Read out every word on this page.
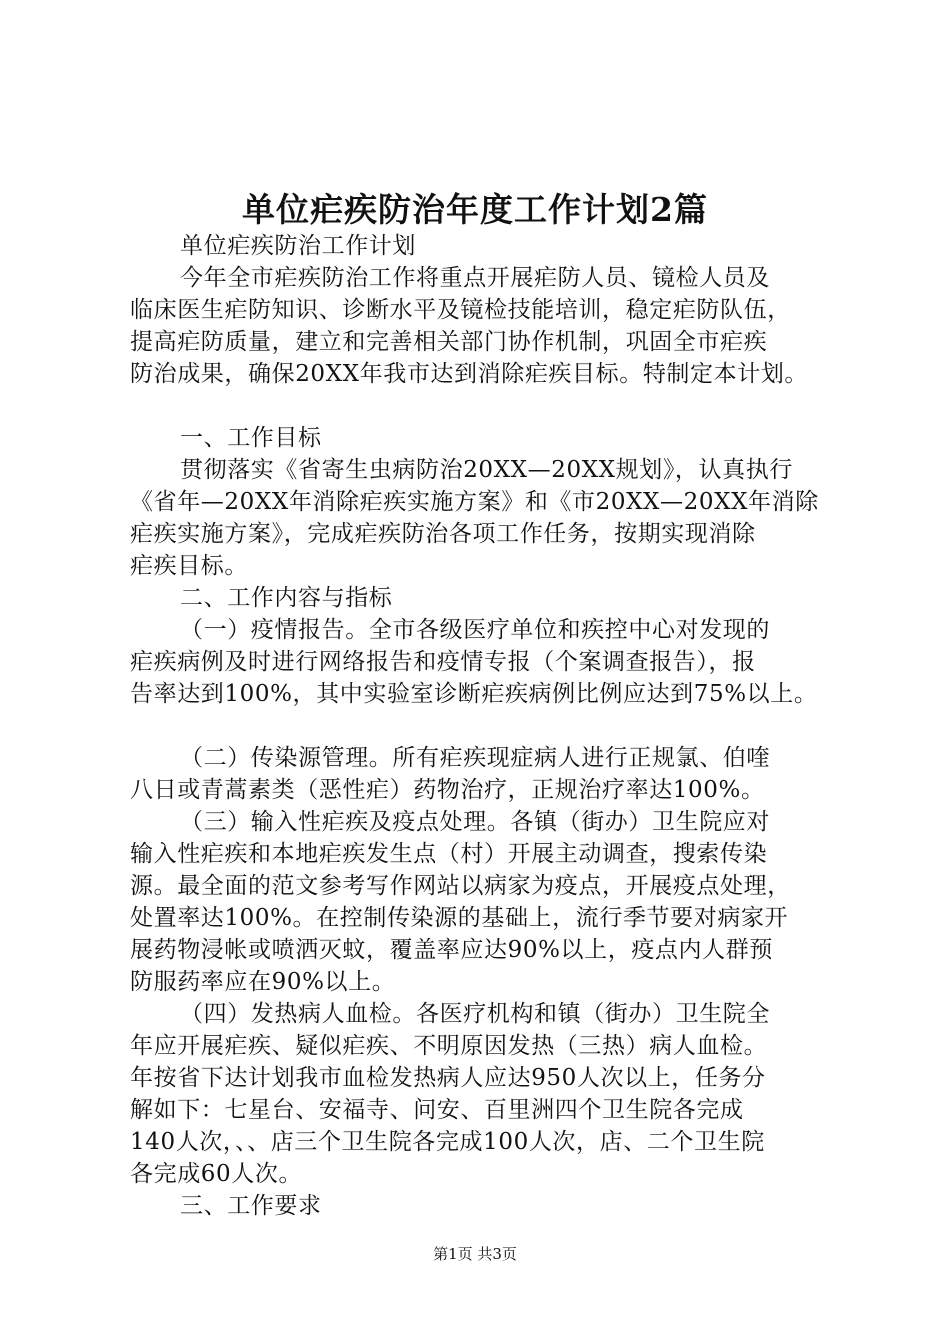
单位疟疾防治年度工作计划2篇
单位疟疾防治工作计划
今年全市疟疾防治工作将重点开展疟防人员、镜检人员及
临床医生疟防知识、诊断水平及镜检技能培训，稳定疟防队伍，
提高疟防质量，建立和完善相关部门协作机制，巩固全市疟疾
防治成果，确保20XX年我市达到消除疟疾目标。特制定本计划。
一、工作目标
贯彻落实《省寄生虫病防治20XX—20XX规划》，认真执行
《省年—20XX年消除疟疾实施方案》和《市20XX—20XX年消除
疟疾实施方案》，完成疟疾防治各项工作任务，按期实现消除
疟疾目标。
二、工作内容与指标
（一）疫情报告。全市各级医疗单位和疾控中心对发现的
疟疾病例及时进行网络报告和疫情专报（个案调查报告），报
告率达到100%，其中实验室诊断疟疾病例比例应达到75%以上。
（二）传染源管理。所有疟疾现症病人进行正规氯、伯喹
八日或青蒿素类（恶性疟）药物治疗，正规治疗率达100%。
（三）输入性疟疾及疫点处理。各镇（街办）卫生院应对
输入性疟疾和本地疟疾发生点（村）开展主动调查，搜索传染
源。最全面的范文参考写作网站以病家为疫点，开展疫点处理，
处置率达100%。在控制传染源的基础上，流行季节要对病家开
展药物浸帐或喷洒灭蚊，覆盖率应达90%以上，疫点内人群预
防服药率应在90%以上。
（四）发热病人血检。各医疗机构和镇（街办）卫生院全
年应开展疟疾、疑似疟疾、不明原因发热（三热）病人血检。
年按省下达计划我市血检发热病人应达950人次以上，任务分
解如下：七星台、安福寺、问安、百里洲四个卫生院各完成
140人次，、、店三个卫生院各完成100人次，店、二个卫生院
各完成60人次。
三、工作要求
第1页 共3页
